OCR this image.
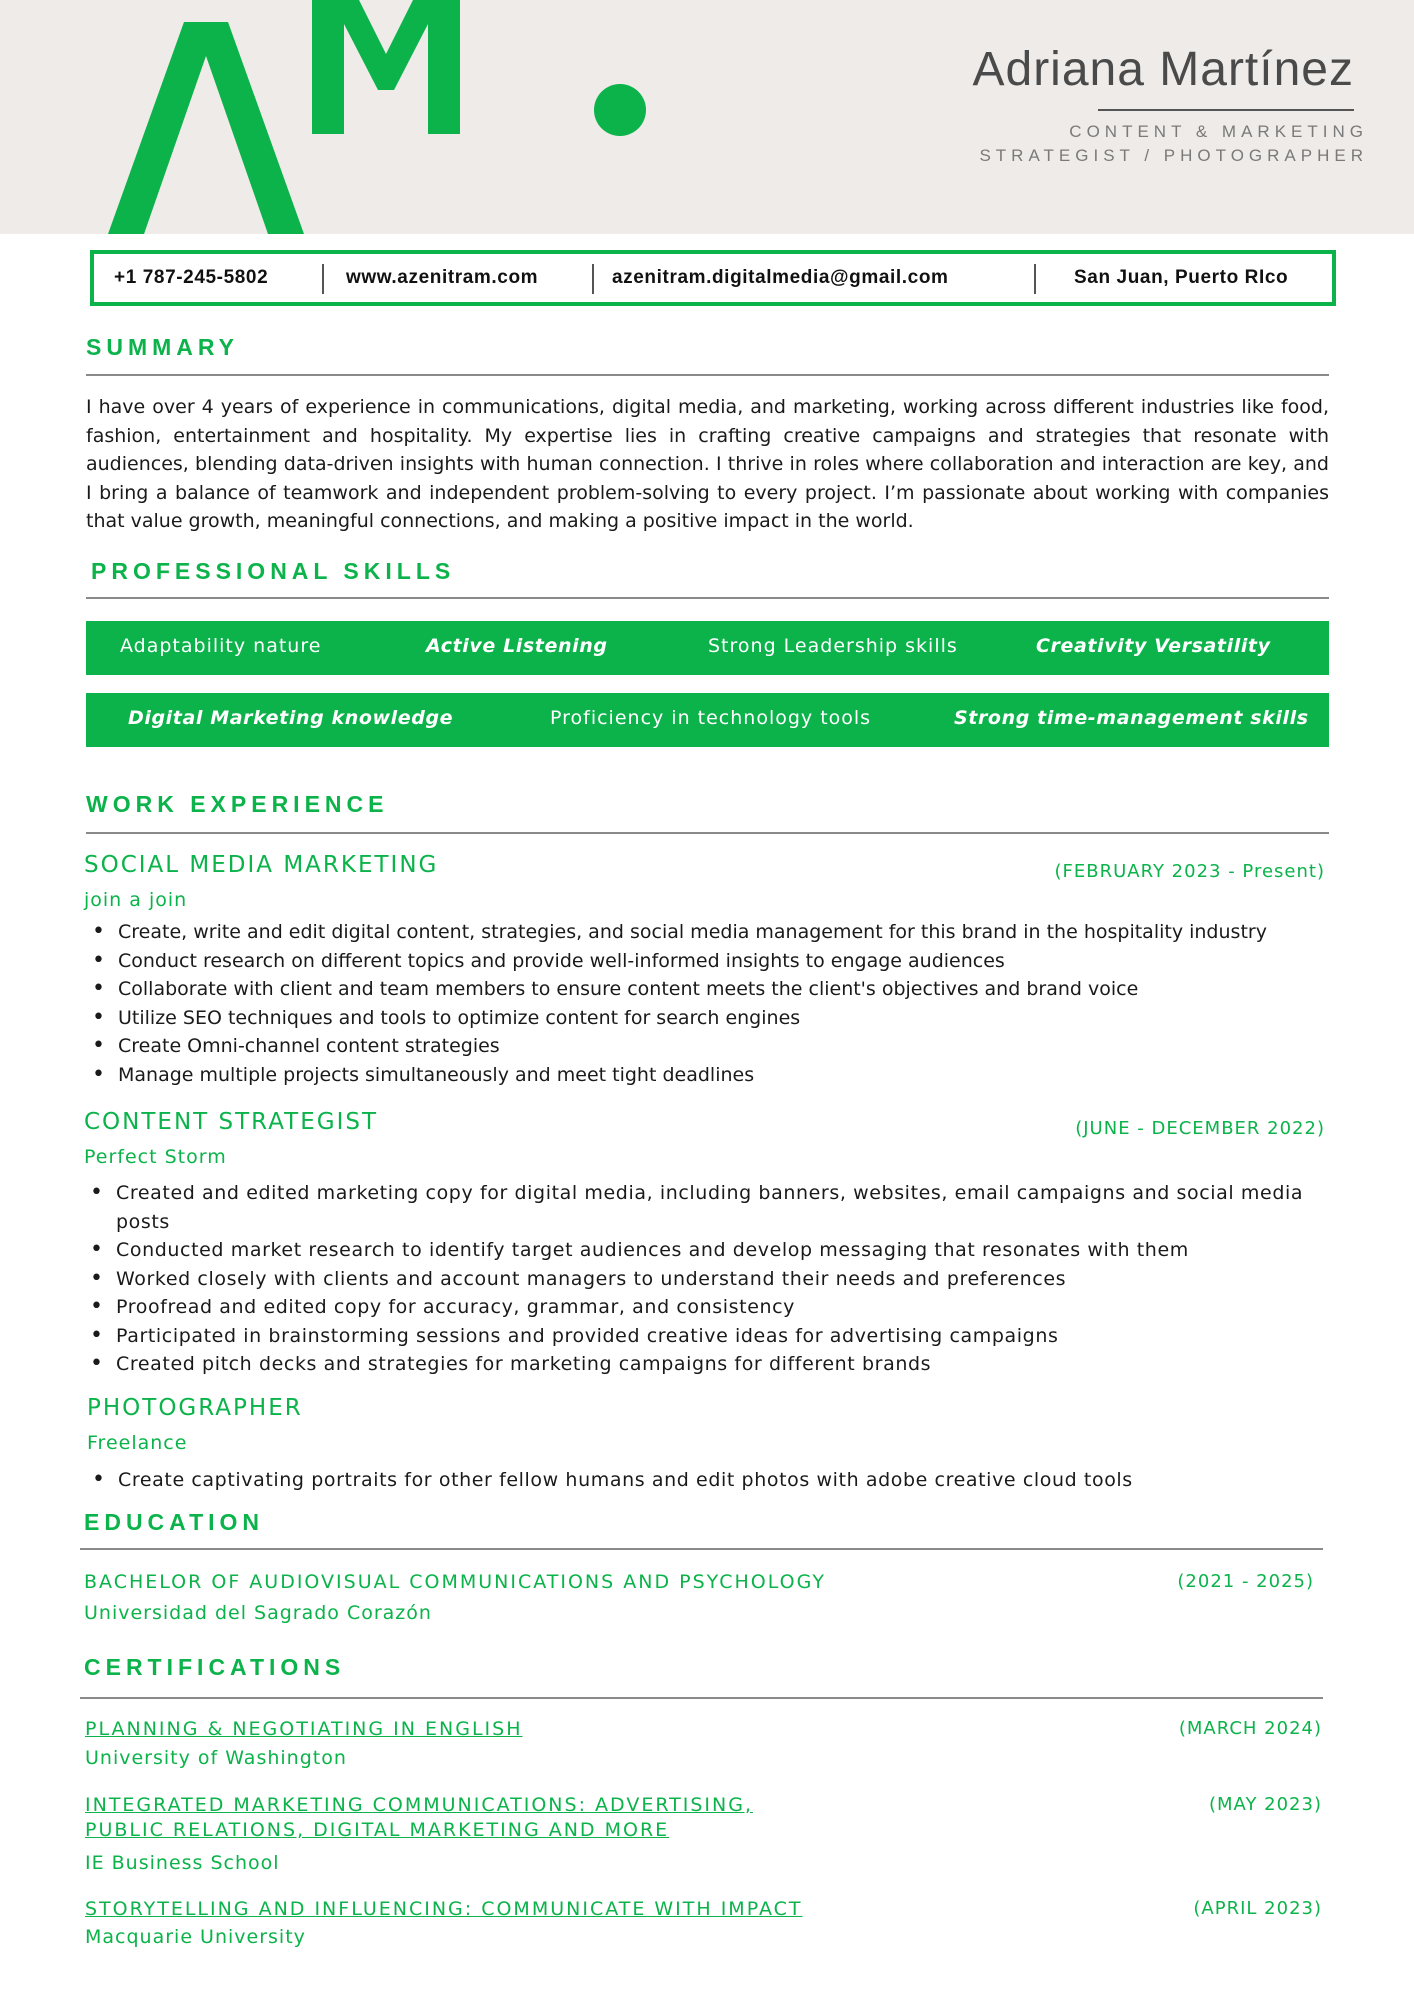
Adriana Martínez
CONTENT & MARKETING
STRATEGIST / PHOTOGRAPHER
+1 787-245-5802	www.azenitram.com	azenitram.digitalmedia@gmail.com	San Juan, Puerto RIco
SUMMARY
I have over 4 years of experience in communications, digital media, and marketing, working across different industries like food, fashion, entertainment and hospitality. My expertise lies in crafting creative campaigns and strategies that resonate with audiences, blending data-driven insights with human connection. I thrive in roles where collaboration and interaction are key, and I bring a balance of teamwork and independent problem-solving to every project. I’m passionate about working with companies that value growth, meaningful connections, and making a positive impact in the world.
PROFESSIONAL SKILLS
Adaptability nature	Active Listening	Strong Leadership skills	Creativity Versatility
Digital Marketing knowledge	Proficiency in technology tools	Strong time-management skills
WORK EXPERIENCE
SOCIAL MEDIA MARKETING	(FEBRUARY 2023 - Present)
join a join
• Create, write and edit digital content, strategies, and social media management for this brand in the hospitality industry
• Conduct research on different topics and provide well-informed insights to engage audiences
• Collaborate with client and team members to ensure content meets the client's objectives and brand voice
• Utilize SEO techniques and tools to optimize content for search engines
• Create Omni-channel content strategies
• Manage multiple projects simultaneously and meet tight deadlines
CONTENT STRATEGIST	(JUNE - DECEMBER 2022)
Perfect Storm
• Created and edited marketing copy for digital media, including banners, websites, email campaigns and social media posts
• Conducted market research to identify target audiences and develop messaging that resonates with them
• Worked closely with clients and account managers to understand their needs and preferences
• Proofread and edited copy for accuracy, grammar, and consistency
• Participated in brainstorming sessions and provided creative ideas for advertising campaigns
• Created pitch decks and strategies for marketing campaigns for different brands
PHOTOGRAPHER
Freelance
• Create captivating portraits for other fellow humans and edit photos with adobe creative cloud tools
EDUCATION
BACHELOR OF AUDIOVISUAL COMMUNICATIONS AND PSYCHOLOGY	(2021 - 2025)
Universidad del Sagrado Corazón
CERTIFICATIONS
PLANNING & NEGOTIATING IN ENGLISH	(MARCH 2024)
University of Washington
INTEGRATED MARKETING COMMUNICATIONS: ADVERTISING,
PUBLIC RELATIONS, DIGITAL MARKETING AND MORE
(MAY 2023)
IE Business School
STORYTELLING AND INFLUENCING: COMMUNICATE WITH IMPACT	(APRIL 2023)
Macquarie University
